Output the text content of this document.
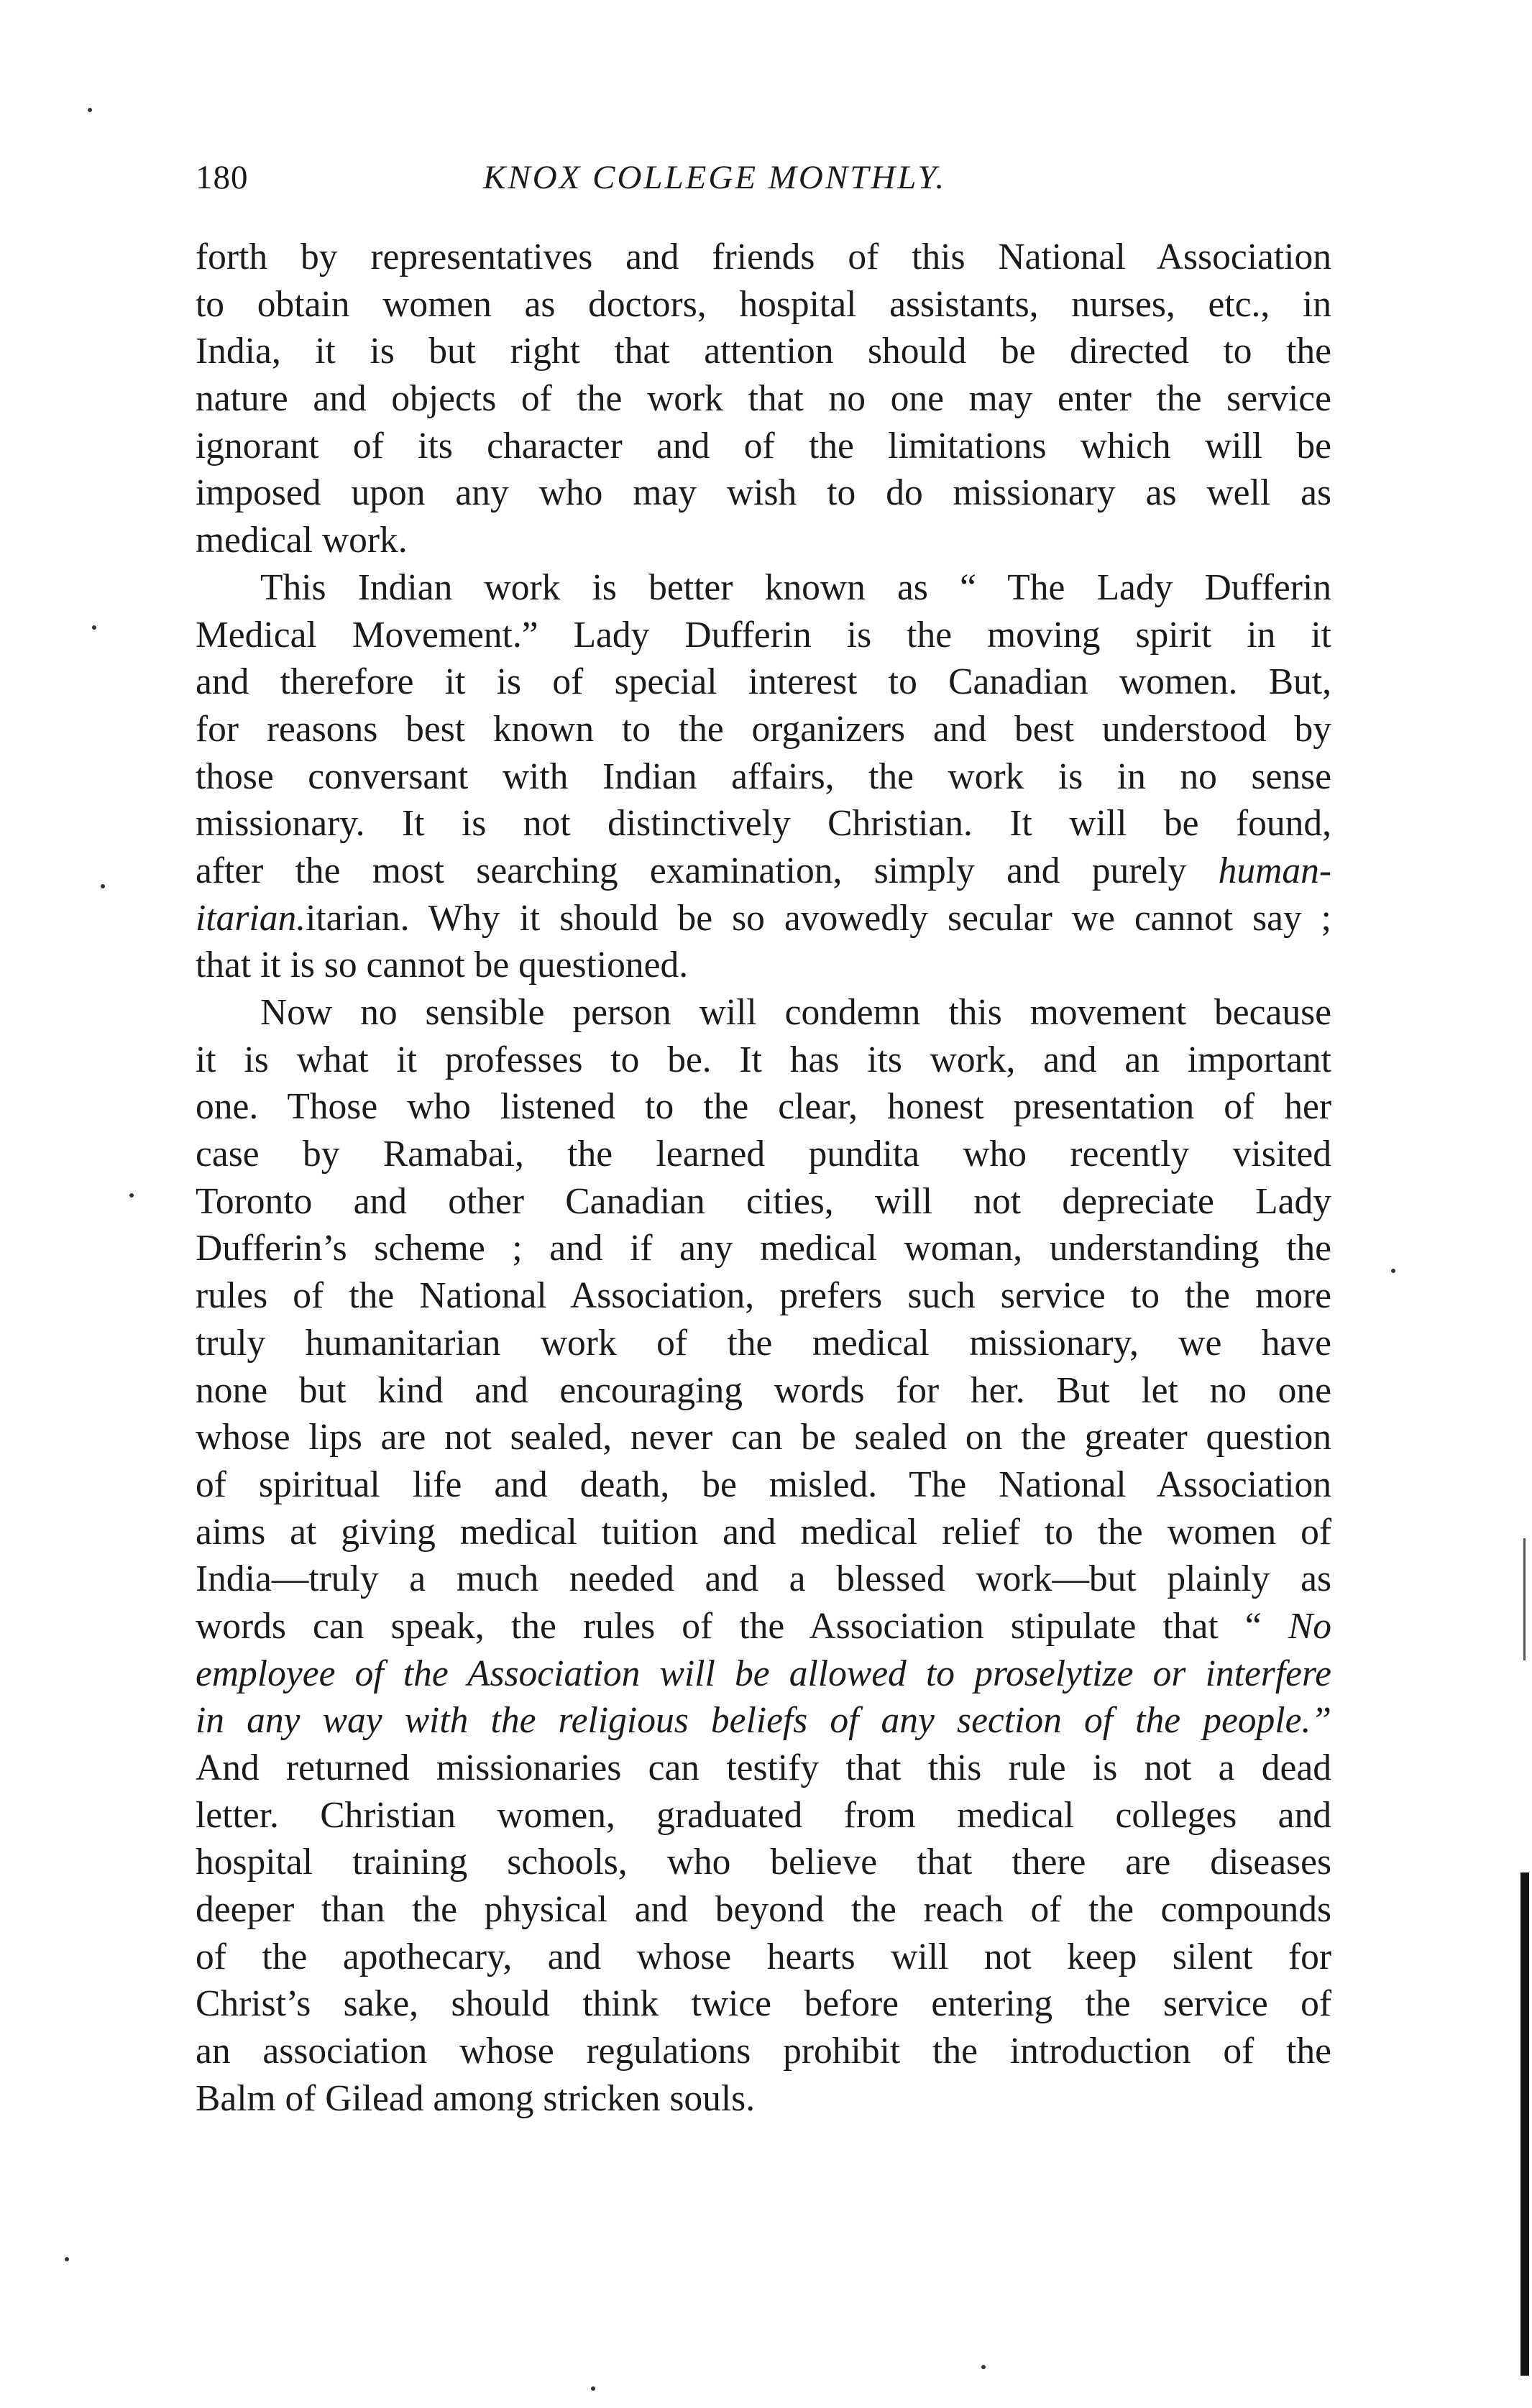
180	KNOX COLLEGE MONTHLY.
forth by representatives and friends of this National Association
to obtain women as doctors, hospital assistants, nurses, etc., in
India, it is but right that attention should be directed to the
nature and objects of the work that no one may enter the service
ignorant of its character and of the limitations which will be
imposed upon any who may wish to do missionary as well as
medical work.
This Indian work is better known as “ The Lady Dufferin
Medical Movement.” Lady Dufferin is the moving spirit in it
and therefore it is of special interest to Canadian women. But,
for reasons best known to the organizers and best understood by
those conversant with Indian affairs, the work is in no sense
missionary. It is not distinctively Christian. It will be found,
after the most searching examination, simply and purely human-
itarian.itarian. Why it should be so avowedly secular we cannot say ;
that it is so cannot be questioned.
Now no sensible person will condemn this movement because
it is what it professes to be. It has its work, and an important
one. Those who listened to the clear, honest presentation of her
case by Ramabai, the learned pundita who recently visited
Toronto and other Canadian cities, will not depreciate Lady
Dufferin’s scheme ; and if any medical woman, understanding the
rules of the National Association, prefers such service to the more
truly humanitarian work of the medical missionary, we have
none but kind and encouraging words for her. But let no one
whose lips are not sealed, never can be sealed on the greater question
of spiritual life and death, be misled. The National Association
aims at giving medical tuition and medical relief to the women of
India—truly a much needed and a blessed work—but plainly as
words can speak, the rules of the Association stipulate that “ No
employee of the Association will be allowed to proselytize or interfere
in any way with the religious beliefs of any section of the people.”
And returned missionaries can testify that this rule is not a dead
letter. Christian women, graduated from medical colleges and
hospital training schools, who believe that there are diseases
deeper than the physical and beyond the reach of the compounds
of the apothecary, and whose hearts will not keep silent for
Christ’s sake, should think twice before entering the service of
an association whose regulations prohibit the introduction of the
Balm of Gilead among stricken souls.
